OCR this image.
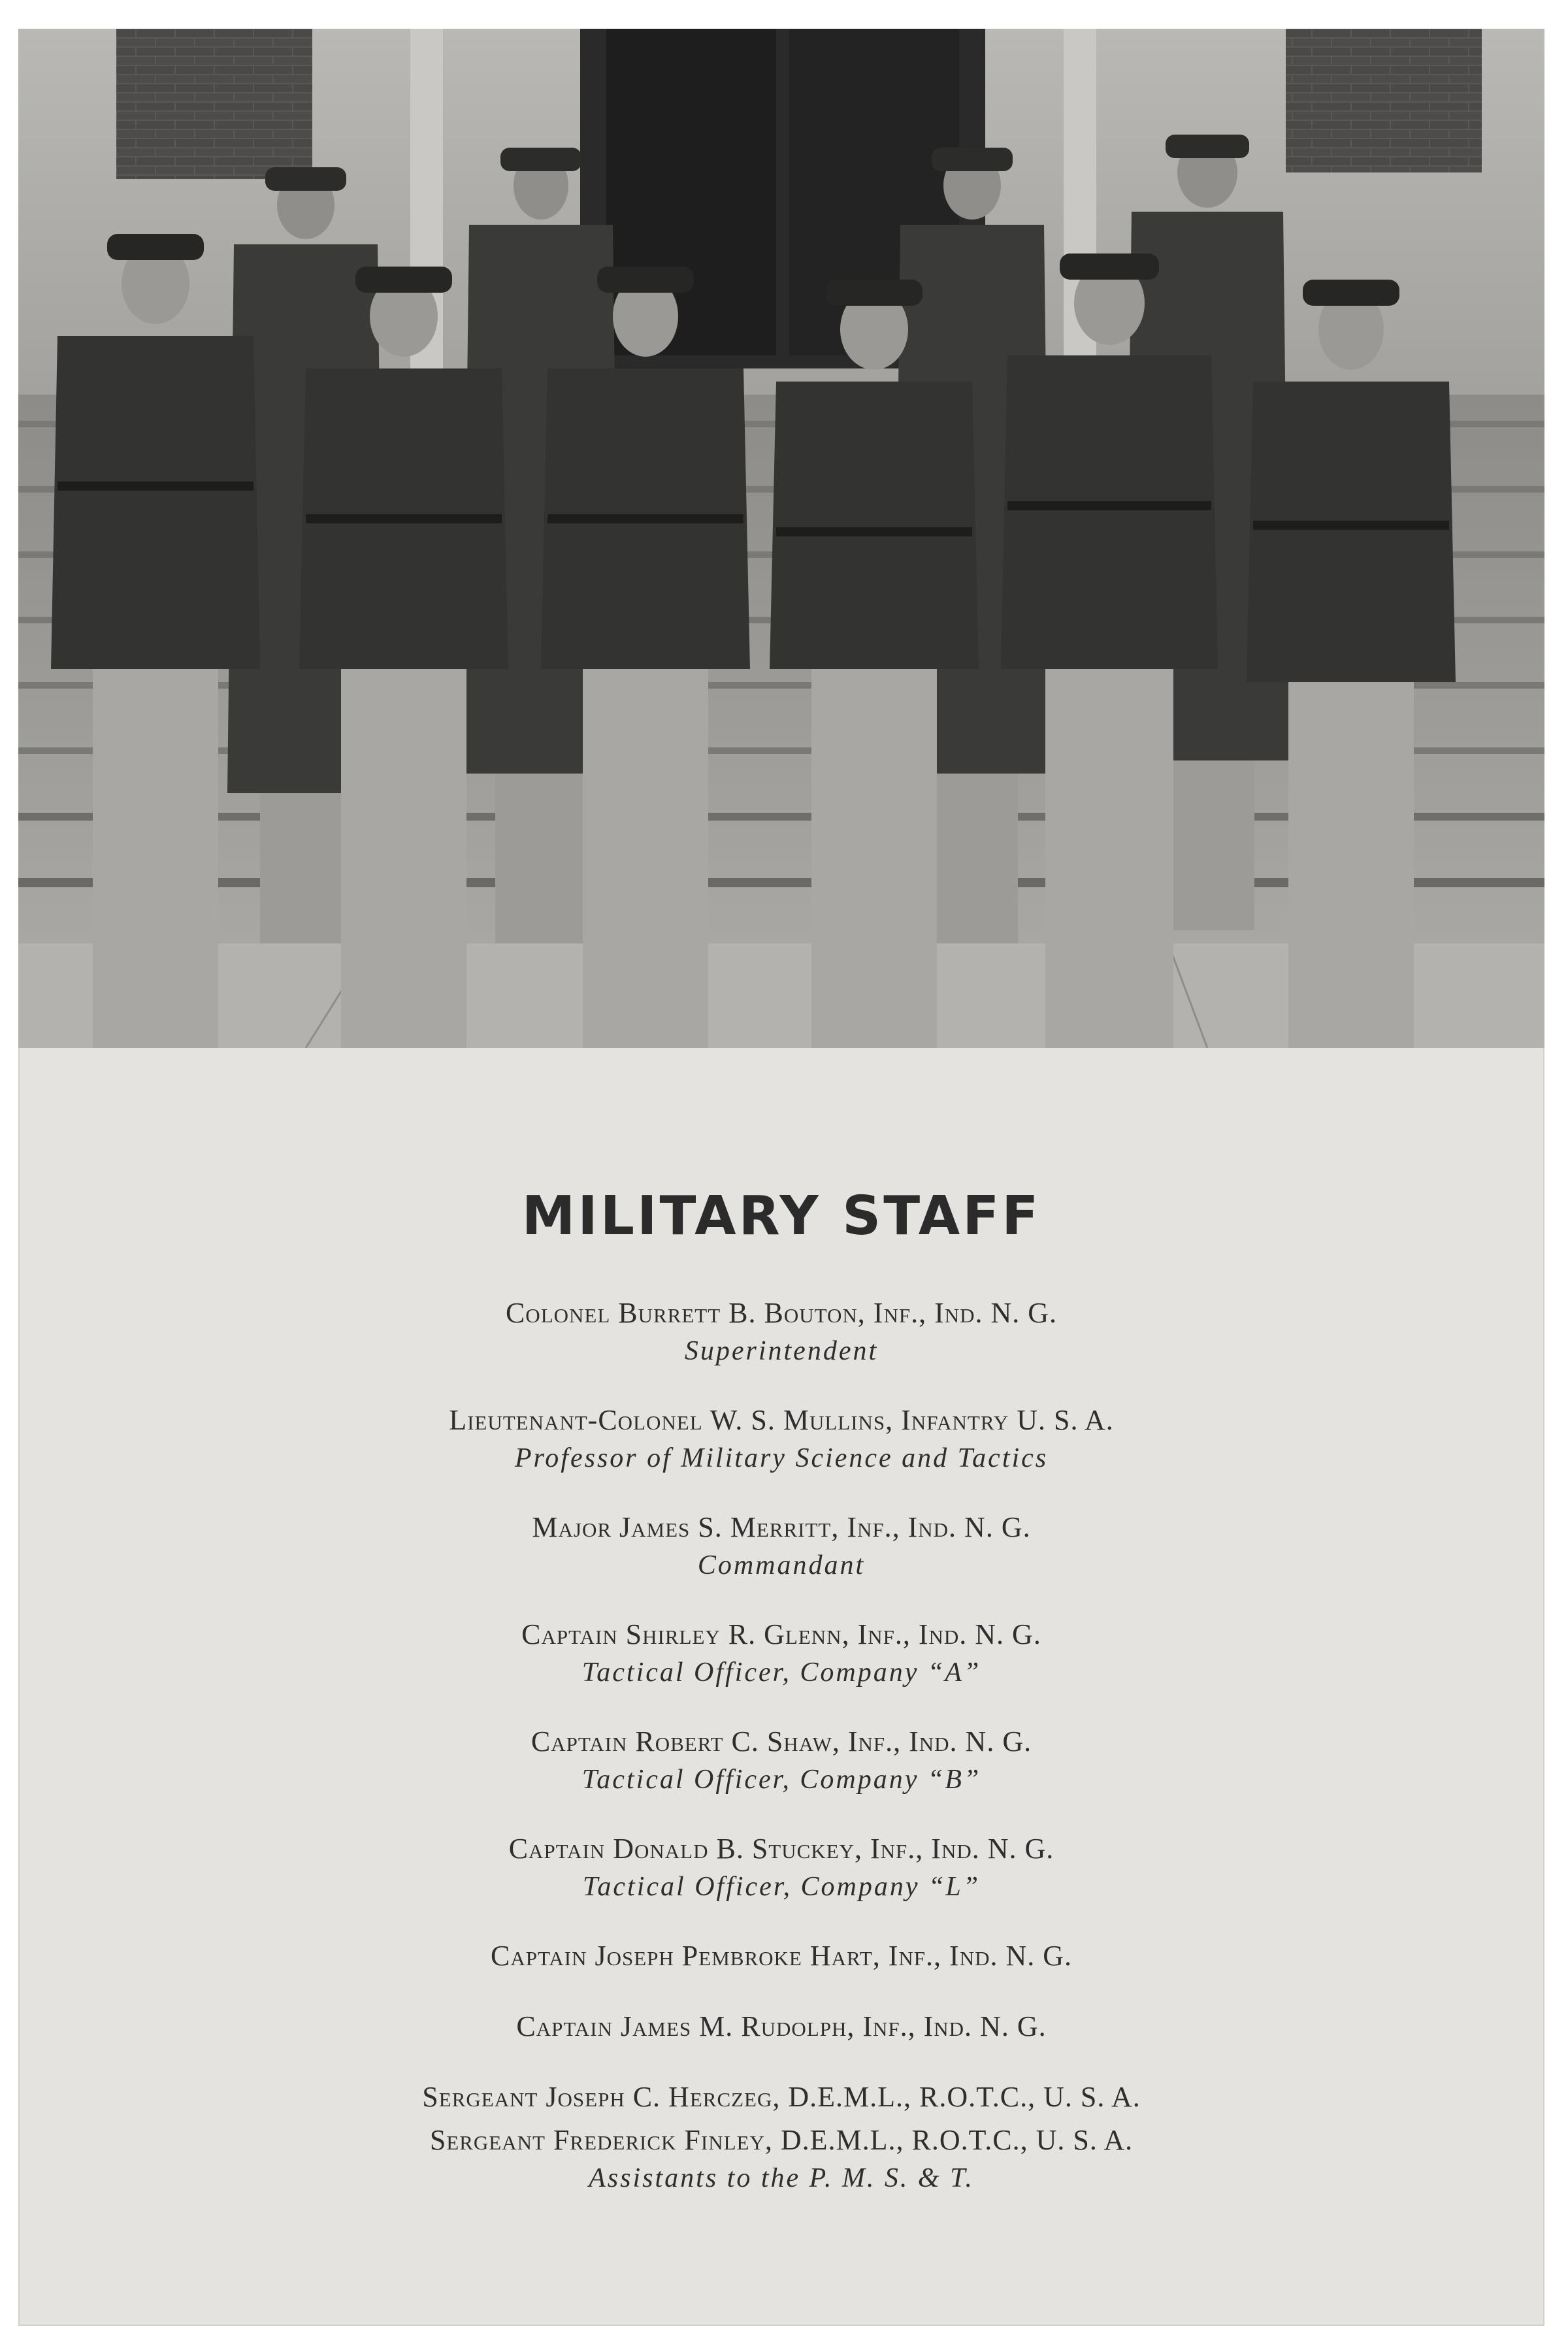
MILITARY STAFF
Colonel Burrett B. Bouton, Inf., Ind. N. G.
Superintendent
Lieutenant-Colonel W. S. Mullins, Infantry U. S. A.
Professor of Military Science and Tactics
Major James S. Merritt, Inf., Ind. N. G.
Commandant
Captain Shirley R. Glenn, Inf., Ind. N. G.
Tactical Officer, Company “A”
Captain Robert C. Shaw, Inf., Ind. N. G.
Tactical Officer, Company “B”
Captain Donald B. Stuckey, Inf., Ind. N. G.
Tactical Officer, Company “L”
Captain Joseph Pembroke Hart, Inf., Ind. N. G.
Captain James M. Rudolph, Inf., Ind. N. G.
Sergeant Joseph C. Herczeg, D.E.M.L., R.O.T.C., U. S. A.
Sergeant Frederick Finley, D.E.M.L., R.O.T.C., U. S. A.
Assistants to the P. M. S. & T.
